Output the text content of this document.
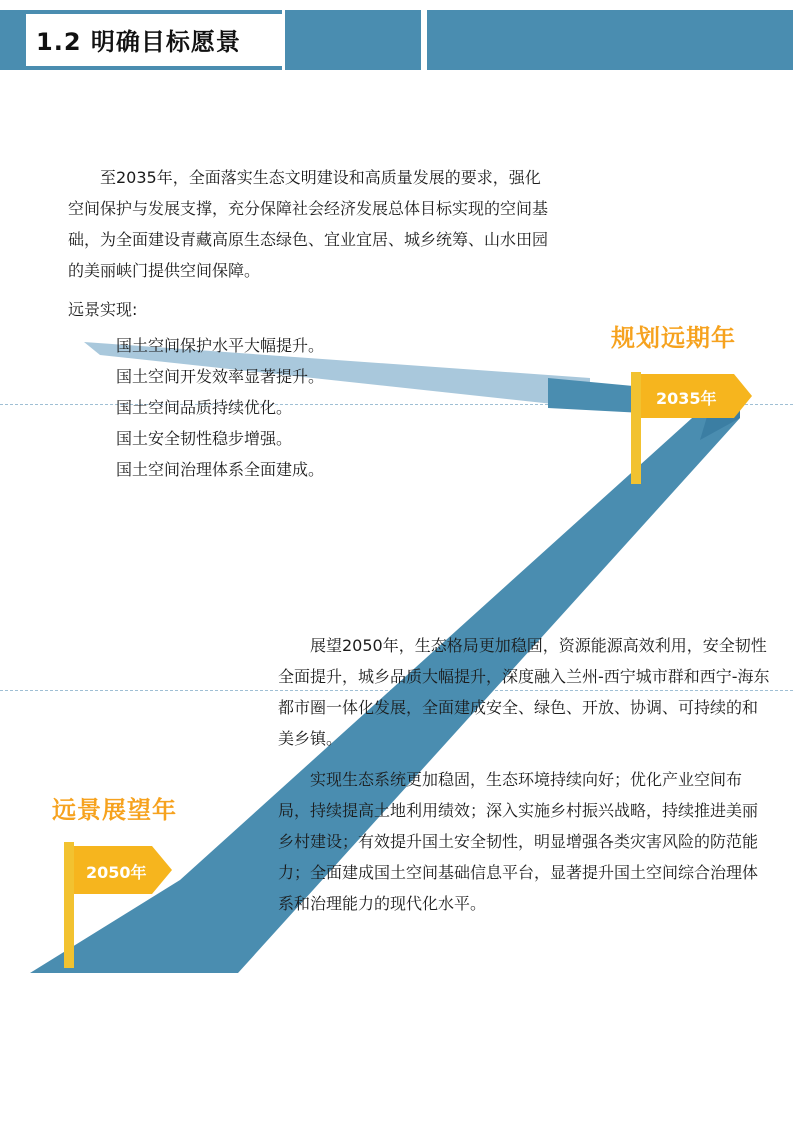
1.2 明确目标愿景
2035年
2050年
规划远期年
远景展望年

至2035年，全面落实生态文明建设和高质量发展的要求，强化空间保护与发展支撑，充分保障社会经济发展总体目标实现的空间基础，为全面建设青藏高原生态绿色、宜业宜居、城乡统筹、山水田园的美丽峡门提供空间保障。

远景实现:
国土空间保护水平大幅提升。
国土空间开发效率显著提升。
国土空间品质持续优化。
国土安全韧性稳步增强。
国土空间治理体系全面建成。

展望2050年，生态格局更加稳固，资源能源高效利用，安全韧性全面提升，城乡品质大幅提升，深度融入兰州-西宁城市群和西宁-海东都市圈一体化发展，全面建成安全、绿色、开放、协调、可持续的和美乡镇。

实现生态系统更加稳固，生态环境持续向好；优化产业空间布局，持续提高土地利用绩效；深入实施乡村振兴战略，持续推进美丽乡村建设；有效提升国土安全韧性，明显增强各类灾害风险的防范能力；全面建成国土空间基础信息平台，显著提升国土空间综合治理体系和治理能力的现代化水平。
